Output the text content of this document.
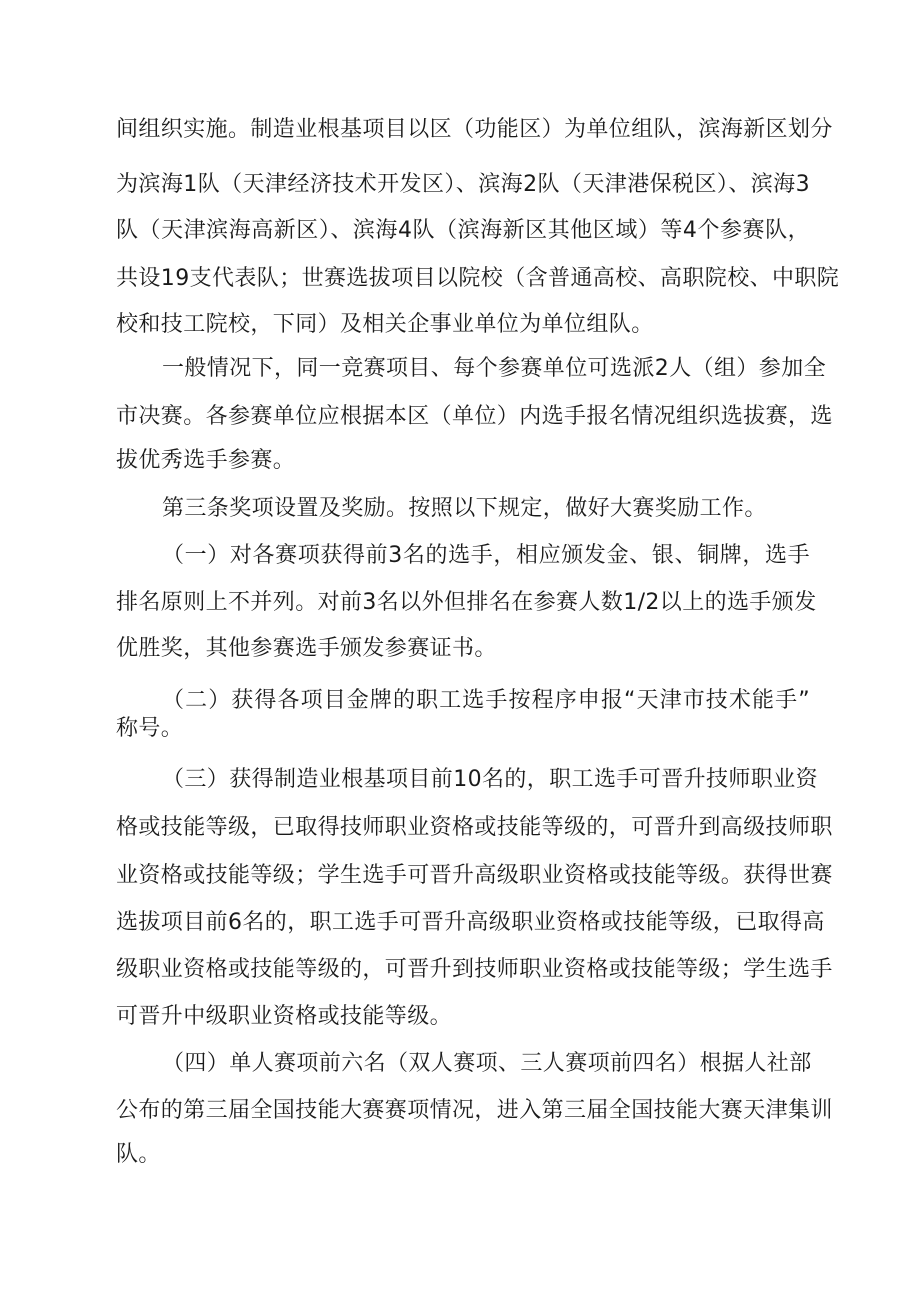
间组织实施。制造业根基项目以区（功能区）为单位组队，滨海新区划分
为滨海1队（天津经济技术开发区）、滨海2队（天津港保税区）、滨海3
队（天津滨海高新区）、滨海4队（滨海新区其他区域）等4个参赛队，
共设19支代表队；世赛选拔项目以院校（含普通高校、高职院校、中职院
校和技工院校，下同）及相关企事业单位为单位组队。
一般情况下，同一竞赛项目、每个参赛单位可选派2人（组）参加全
市决赛。各参赛单位应根据本区（单位）内选手报名情况组织选拔赛，选
拔优秀选手参赛。
第三条奖项设置及奖励。按照以下规定，做好大赛奖励工作。
（一）对各赛项获得前3名的选手，相应颁发金、银、铜牌，选手
排名原则上不并列。对前3名以外但排名在参赛人数1/2以上的选手颁发
优胜奖，其他参赛选手颁发参赛证书。
（二）获得各项目金牌的职工选手按程序申报“天津市技术能手”
称号。
（三）获得制造业根基项目前10名的，职工选手可晋升技师职业资
格或技能等级，已取得技师职业资格或技能等级的，可晋升到高级技师职
业资格或技能等级；学生选手可晋升高级职业资格或技能等级。获得世赛
选拔项目前6名的，职工选手可晋升高级职业资格或技能等级，已取得高
级职业资格或技能等级的，可晋升到技师职业资格或技能等级；学生选手
可晋升中级职业资格或技能等级。
（四）单人赛项前六名（双人赛项、三人赛项前四名）根据人社部
公布的第三届全国技能大赛赛项情况，进入第三届全国技能大赛天津集训
队。
